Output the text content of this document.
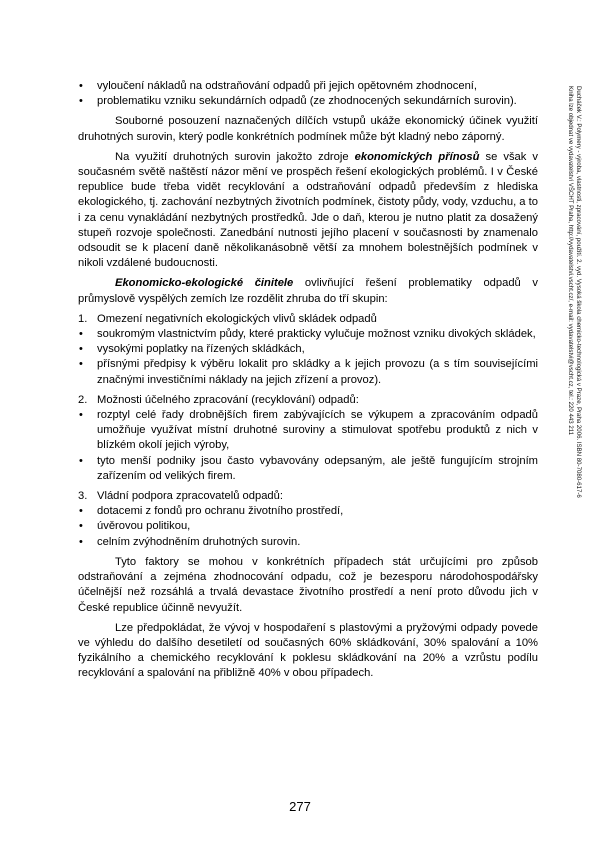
• vyloučení nákladů na odstraňování odpadů při jejich opětovném zhodnocení,
• problematiku vzniku sekundárních odpadů (ze zhodnocených sekundárních surovin).

Souborné posouzení naznačených dílčích vstupů ukáže ekonomický účinek využití druhotných surovin, který podle konkrétních podmínek může být kladný nebo záporný.

Na využití druhotných surovin jakožto zdroje ekonomických přínosů se však v současném světě naštěstí názor mění ve prospěch řešení ekologických problémů. I v České republice bude třeba vidět recyklování a odstraňování odpadů především z hlediska ekologického, tj. zachování nezbytných životních podmínek, čistoty půdy, vody, vzduchu, a to i za cenu vynakládání nezbytných prostředků. Jde o daň, kterou je nutno platit za dosažený stupeň rozvoje společnosti. Zanedbání nutnosti jejího placení v současnosti by znamenalo odsoudit se k placení daně několikanásobně větší za mnohem bolestnějších podmínek v nikoli vzdálené budoucnosti.

Ekonomicko-ekologické činitele ovlivňující řešení problematiky odpadů v průmyslově vyspělých zemích lze rozdělit zhruba do tří skupin:

1. Omezení negativních ekologických vlivů skládek odpadů
• soukromým vlastnictvím půdy, které prakticky vylučuje možnost vzniku divokých skládek,
• vysokými poplatky na řízených skládkách,
• přísnými předpisy k výběru lokalit pro skládky a k jejich provozu (a s tím souvisejícími značnými investičními náklady na jejich zřízení a provoz).
2. Možnosti účelného zpracování (recyklování) odpadů:
• rozptyl celé řady drobnějších firem zabývajících se výkupem a zpracováním odpadů umožňuje využívat místní druhotné suroviny a stimulovat spotřebu produktů z nich v blízkém okolí jejich výroby,
• tyto menší podniky jsou často vybavovány odepsaným, ale ještě fungujícím strojním zařízením od velikých firem.
3. Vládní podpora zpracovatelů odpadů:
• dotacemi z fondů pro ochranu životního prostředí,
• úvěrovou politikou,
• celním zvýhodněním druhotných surovin.

Tyto faktory se mohou v konkrétních případech stát určujícími pro způsob odstraňování a zejména zhodnocování odpadu, což je bezesporu národohospodářsky účelnější než rozsáhlá a trvalá devastace životního prostředí a není proto důvodu jich v České republice účinně nevyužít.

Lze předpokládat, že vývoj v hospodaření s plastovými a pryžovými odpady povede ve výhledu do dalšího desetiletí od současných 60% skládkování, 30% spalování a 10% fyzikálního a chemického recyklování k poklesu skládkování na 20% a vzrůstu podílu recyklování a spalování na přibližně 40% v obou případech.

Ducháček V.: Polymery - výroba, vlastnosti, zpracování, použití. 2. vyd. Vysoká škola chemicko-technologická v Praze, Praha 2006. ISBN 80-7080-617-6
Kniha lze objednat ve vydavatelství VŠCHT Praha, http://vydavatelstvi.vscht.cz/, e-mail: vydavatelstvi@vscht.cz, tel.: 220 443 211
277
